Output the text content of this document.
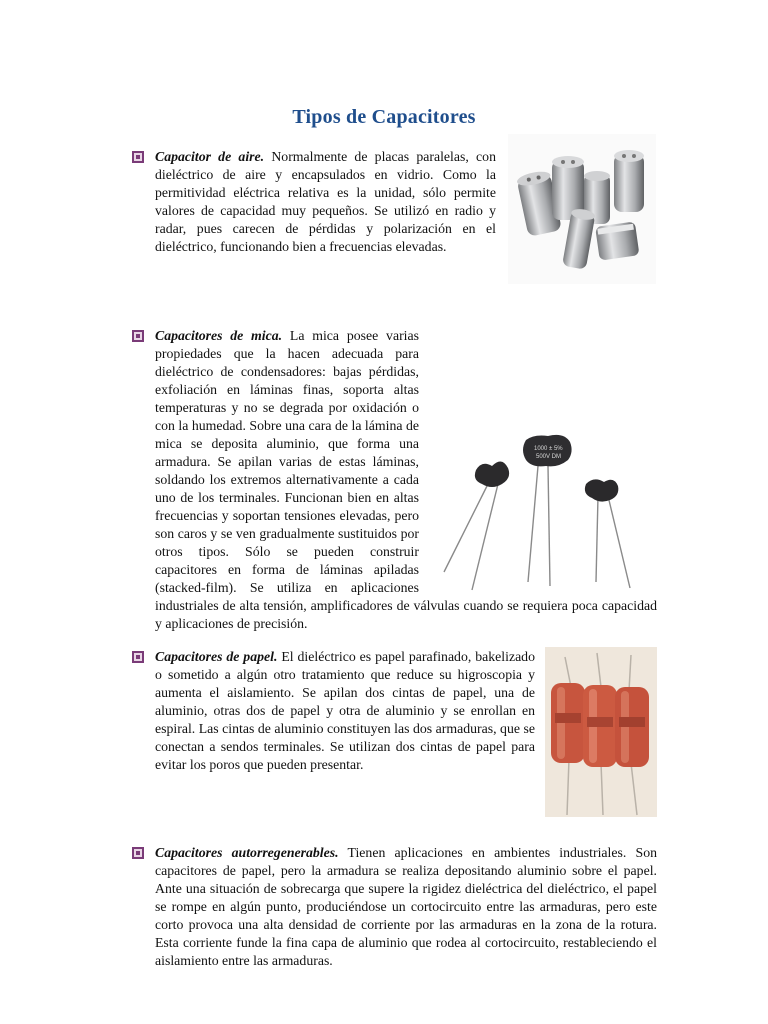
Tipos de Capacitores

Capacitor de aire. Normalmente de placas paralelas, con dieléctrico de aire y encapsulados en vidrio. Como la permitividad eléctrica relativa es la unidad, sólo permite valores de capacidad muy pequeños. Se utilizó en radio y radar, pues carecen de pérdidas y polarización en el dieléctrico, funcionando bien a frecuencias elevadas.

Capacitores de mica. La mica posee varias propiedades que la hacen adecuada para dieléctrico de condensadores: bajas pérdidas, exfoliación en láminas finas, soporta altas temperaturas y no se degrada por oxidación o con la humedad. Sobre una cara de la lámina de mica se deposita aluminio, que forma una armadura. Se apilan varias de estas láminas, soldando los extremos alternativamente a cada uno de los terminales. Funcionan bien en altas frecuencias y soportan tensiones elevadas, pero son caros y se ven gradualmente sustituidos por otros tipos. Sólo se pueden construir capacitores en forma de láminas apiladas (stacked-film). Se utiliza en aplicaciones industriales de alta tensión, amplificadores de válvulas cuando se requiera poca capacidad y aplicaciones de precisión.

1000 ± 5%
500V DM

Capacitores de papel. El dieléctrico es papel parafinado, bakelizado o sometido a algún otro tratamiento que reduce su higroscopia y aumenta el aislamiento. Se apilan dos cintas de papel, una de aluminio, otras dos de papel y otra de aluminio y se enrollan en espiral. Las cintas de aluminio constituyen las dos armaduras, que se conectan a sendos terminales. Se utilizan dos cintas de papel para evitar los poros que pueden presentar.

Capacitores autorregenerables. Tienen aplicaciones en ambientes industriales. Son capacitores de papel, pero la armadura se realiza depositando aluminio sobre el papel. Ante una situación de sobrecarga que supere la rigidez dieléctrica del dieléctrico, el papel se rompe en algún punto, produciéndose un cortocircuito entre las armaduras, pero este corto provoca una alta densidad de corriente por las armaduras en la zona de la rotura. Esta corriente funde la fina capa de aluminio que rodea al cortocircuito, restableciendo el aislamiento entre las armaduras.
